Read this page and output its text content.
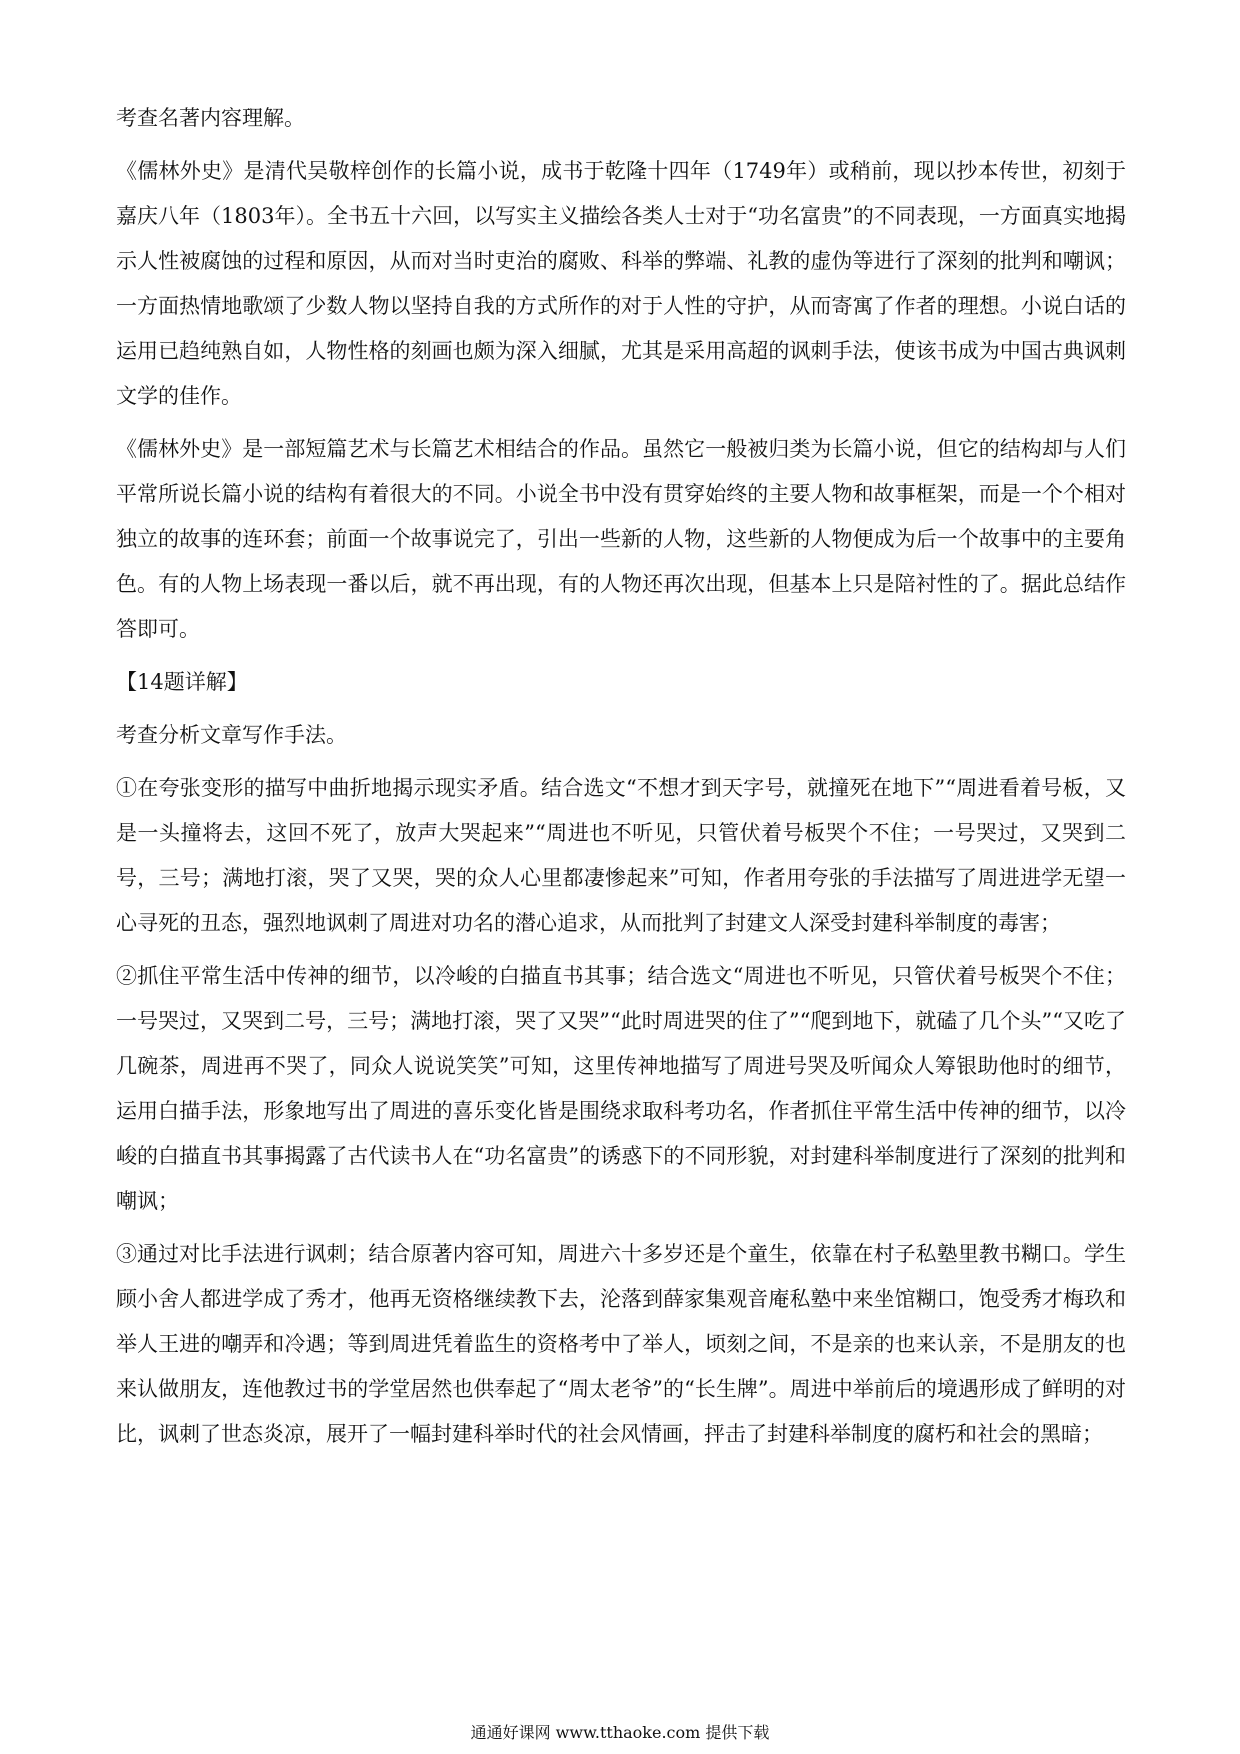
考查名著内容理解。

《儒林外史》是清代吴敬梓创作的长篇小说，成书于乾隆十四年（1749年）或稍前，现以抄本传世，初刻于嘉庆八年（1803年）。全书五十六回，以写实主义描绘各类人士对于“功名富贵”的不同表现，一方面真实地揭示人性被腐蚀的过程和原因，从而对当时吏治的腐败、科举的弊端、礼教的虚伪等进行了深刻的批判和嘲讽；一方面热情地歌颂了少数人物以坚持自我的方式所作的对于人性的守护，从而寄寓了作者的理想。小说白话的运用已趋纯熟自如，人物性格的刻画也颇为深入细腻，尤其是采用高超的讽刺手法，使该书成为中国古典讽刺文学的佳作。

《儒林外史》是一部短篇艺术与长篇艺术相结合的作品。虽然它一般被归类为长篇小说，但它的结构却与人们平常所说长篇小说的结构有着很大的不同。小说全书中没有贯穿始终的主要人物和故事框架，而是一个个相对独立的故事的连环套；前面一个故事说完了，引出一些新的人物，这些新的人物便成为后一个故事中的主要角色。有的人物上场表现一番以后，就不再出现，有的人物还再次出现，但基本上只是陪衬性的了。据此总结作答即可。

【14题详解】

考查分析文章写作手法。

①在夸张变形的描写中曲折地揭示现实矛盾。结合选文“不想才到天字号，就撞死在地下”“周进看着号板，又是一头撞将去，这回不死了，放声大哭起来”“周进也不听见，只管伏着号板哭个不住；一号哭过，又哭到二号，三号；满地打滚，哭了又哭，哭的众人心里都凄惨起来”可知，作者用夸张的手法描写了周进进学无望一心寻死的丑态，强烈地讽刺了周进对功名的潜心追求，从而批判了封建文人深受封建科举制度的毒害；

②抓住平常生活中传神的细节，以冷峻的白描直书其事；结合选文“周进也不听见，只管伏着号板哭个不住；一号哭过，又哭到二号，三号；满地打滚，哭了又哭”“此时周进哭的住了”“爬到地下，就磕了几个头”“又吃了几碗茶，周进再不哭了，同众人说说笑笑”可知，这里传神地描写了周进号哭及听闻众人筹银助他时的细节，运用白描手法，形象地写出了周进的喜乐变化皆是围绕求取科考功名，作者抓住平常生活中传神的细节，以冷峻的白描直书其事揭露了古代读书人在“功名富贵”的诱惑下的不同形貌，对封建科举制度进行了深刻的批判和嘲讽；

③通过对比手法进行讽刺；结合原著内容可知，周进六十多岁还是个童生，依靠在村子私塾里教书糊口。学生顾小舍人都进学成了秀才，他再无资格继续教下去，沦落到薛家集观音庵私塾中来坐馆糊口，饱受秀才梅玖和举人王进的嘲弄和冷遇；等到周进凭着监生的资格考中了举人，顷刻之间，不是亲的也来认亲，不是朋友的也来认做朋友，连他教过书的学堂居然也供奉起了“周太老爷”的“长生牌”。周进中举前后的境遇形成了鲜明的对比，讽刺了世态炎凉，展开了一幅封建科举时代的社会风情画，抨击了封建科举制度的腐朽和社会的黑暗；

通通好课网 www.tthaoke.com 提供下载
